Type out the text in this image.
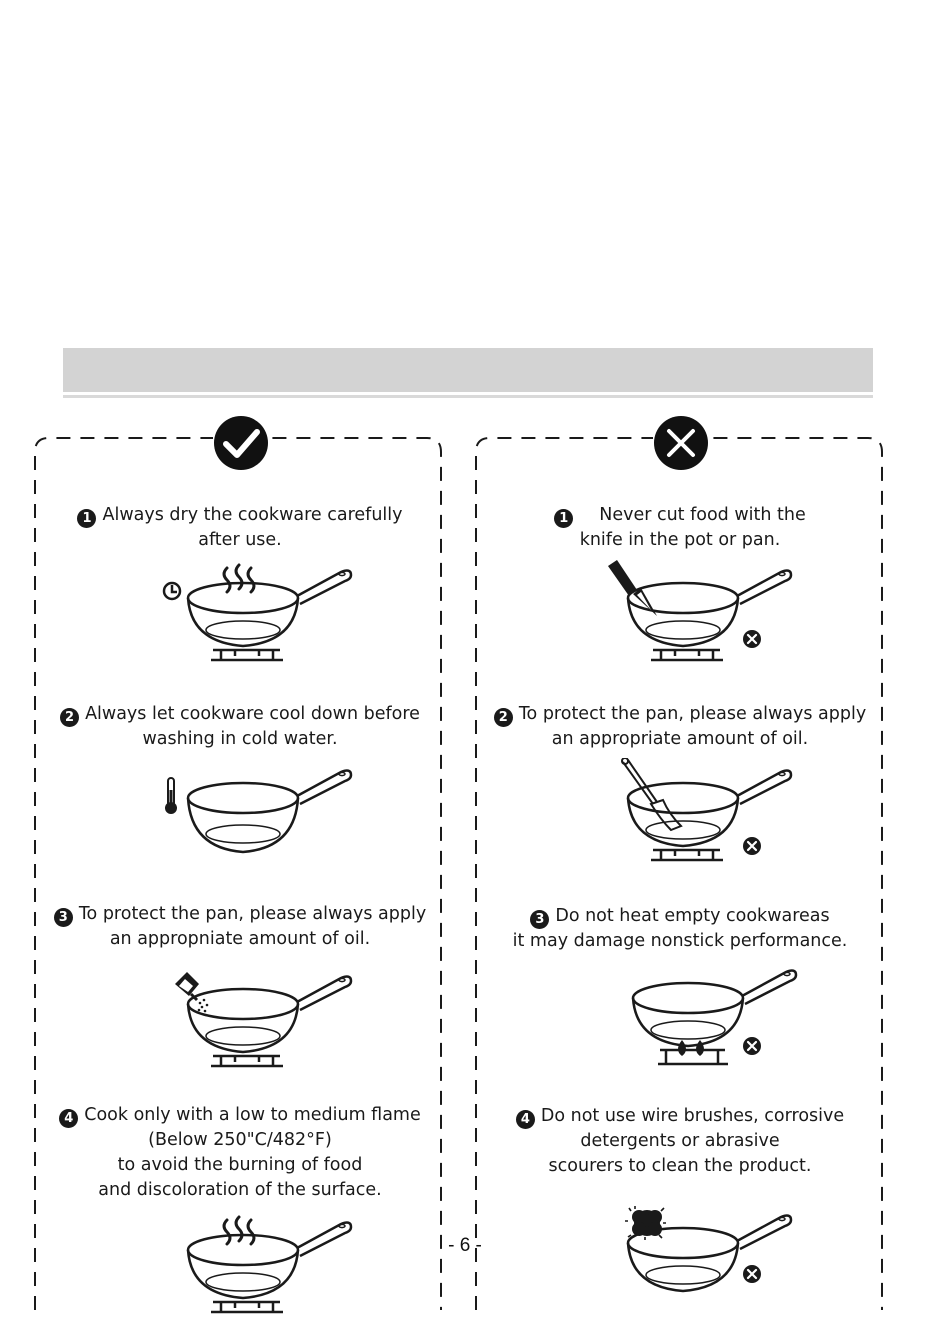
1 Always dry the cookware carefully
after use.
2 Always let cookware cool down before
washing in cold water.
3 To protect the pan, please always apply
an appropniate amount of oil.
4 Cook only with a low to medium flame
(Below 250"C/482°F)
to avoid the burning of food
and discoloration of the surface.
1 Never cut food with the
knife in the pot or pan.
2 To protect the pan, please always apply
an appropriate amount of oil.
3 Do not heat empty cookwareas
it may damage nonstick performance.
4 Do not use wire brushes, corrosive
detergents or abrasive
scourers to clean the product.
- 6 -
